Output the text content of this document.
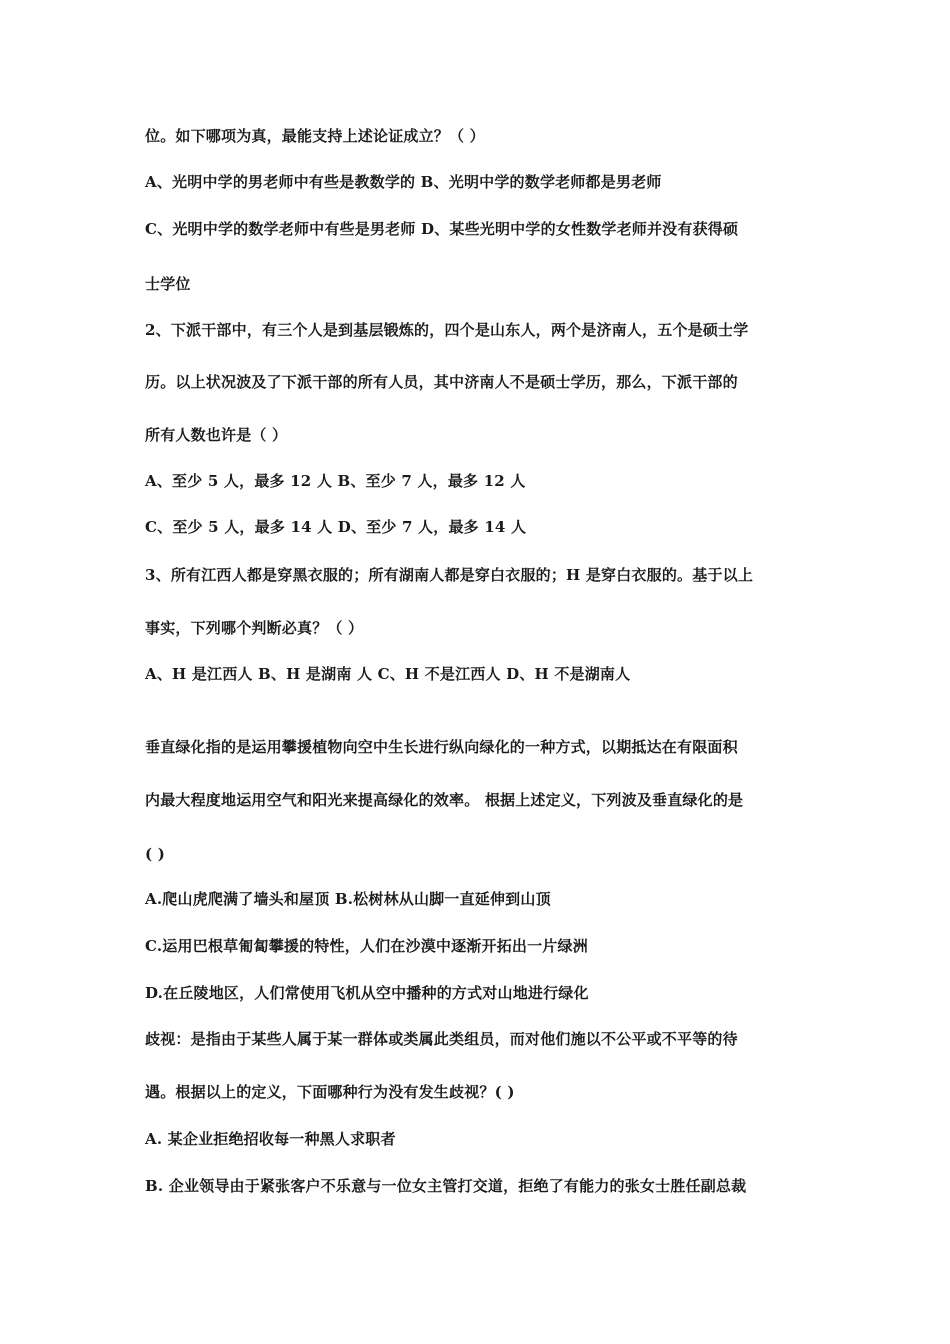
位。如下哪项为真，最能支持上述论证成立？（ ）
A、光明中学的男老师中有些是教数学的 B、光明中学的数学老师都是男老师
C、光明中学的数学老师中有些是男老师 D、某些光明中学的女性数学老师并没有获得硕
士学位
2、下派干部中，有三个人是到基层锻炼的，四个是山东人，两个是济南人，五个是硕士学
历。以上状况波及了下派干部的所有人员，其中济南人不是硕士学历，那么，下派干部的
所有人数也许是（ ）
A、至少 5 人，最多 12 人 B、至少 7 人，最多 12 人
C、至少 5 人，最多 14 人 D、至少 7 人，最多 14 人
3、所有江西人都是穿黑衣服的；所有湖南人都是穿白衣服的；H 是穿白衣服的。基于以上
事实，下列哪个判断必真？（ ）
A、H 是江西人 B、H 是湖南 人 C、H 不是江西人 D、H 不是湖南人
垂直绿化指的是运用攀援植物向空中生长进行纵向绿化的一种方式，以期抵达在有限面积
内最大程度地运用空气和阳光来提高绿化的效率。 根据上述定义，下列波及垂直绿化的是
( )
A.爬山虎爬满了墙头和屋顶 B.松树林从山脚一直延伸到山顶
C.运用巴根草匍匐攀援的特性，人们在沙漠中逐渐开拓出一片绿洲
D.在丘陵地区，人们常使用飞机从空中播种的方式对山地进行绿化
歧视：是指由于某些人属于某一群体或类属此类组员，而对他们施以不公平或不平等的待
遇。根据以上的定义，下面哪种行为没有发生歧视？( )
A. 某企业拒绝招收每一种黑人求职者
B. 企业领导由于紧张客户不乐意与一位女主管打交道，拒绝了有能力的张女士胜任副总裁
